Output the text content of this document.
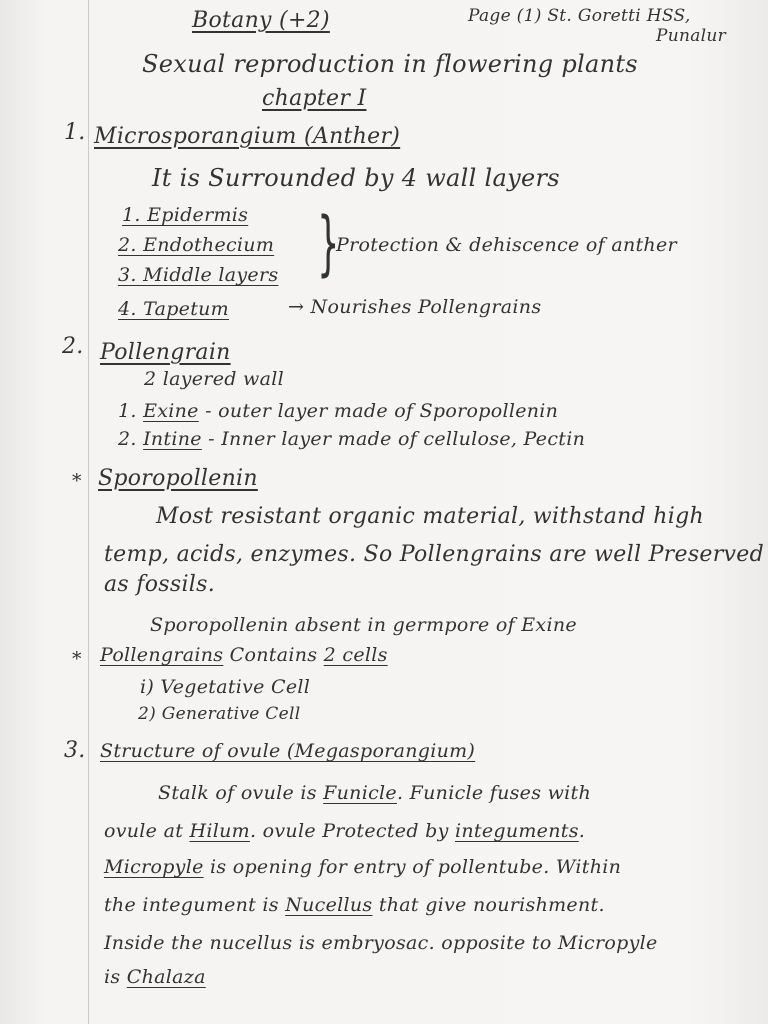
Botany (+2)	Page (1) St. Goretti HSS,
Punalur
Sexual reproduction in flowering plants
chapter I
1. Microsporangium (Anther)
It is Surrounded by 4 wall layers
1. Epidermis
2. Endothecium
3. Middle layers }
Protection & dehiscence of anther
4. Tapetum	→ Nourishes Pollengrains
2. Pollengrain
2 layered wall
1. Exine - outer layer made of Sporopollenin
2. Intine - Inner layer made of cellulose, Pectin
* Sporopollenin
Most resistant organic material, withstand high
temp, acids, enzymes. So Pollengrains are well Preserved
as fossils.
Sporopollenin absent in germpore of Exine
* Pollengrains Contains 2 cells
i) Vegetative Cell
2) Generative Cell
3. Structure of ovule (Megasporangium)
Stalk of ovule is Funicle. Funicle fuses with
ovule at Hilum. ovule Protected by integuments.
Micropyle is opening for entry of pollentube. Within
the integument is Nucellus that give nourishment.
Inside the nucellus is embryosac. opposite to Micropyle
is Chalaza
